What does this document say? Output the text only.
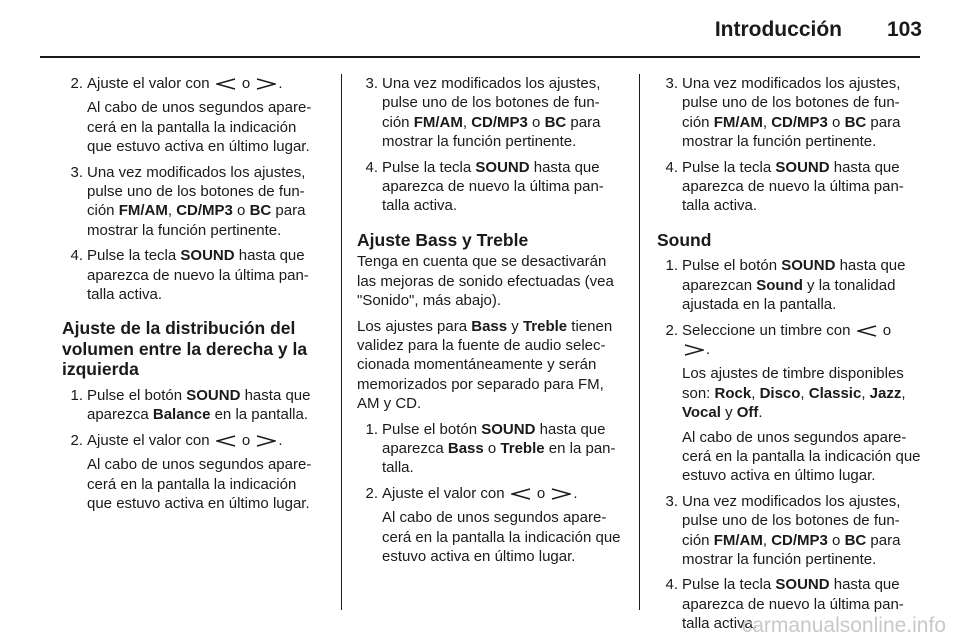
Introducción 103
2. Ajuste el valor con  o .
Al cabo de unos segundos apare-cerá en la pantalla la indicación que estuvo activa en último lugar.
3. Una vez modificados los ajustes, pulse uno de los botones de fun-ción FM/AM, CD/MP3 o BC para mostrar la función pertinente.
4. Pulse la tecla SOUND hasta que aparezca de nuevo la última pan-talla activa.
Ajuste de la distribución del volumen entre la derecha y la izquierda
1. Pulse el botón SOUND hasta que aparezca Balance en la pantalla.
2. Ajuste el valor con  o .
Al cabo de unos segundos apare-cerá en la pantalla la indicación que estuvo activa en último lugar.
3. Una vez modificados los ajustes, pulse uno de los botones de fun-ción FM/AM, CD/MP3 o BC para mostrar la función pertinente.
4. Pulse la tecla SOUND hasta que aparezca de nuevo la última pan-talla activa.
Ajuste Bass y Treble
Tenga en cuenta que se desactivarán las mejoras de sonido efectuadas (vea "Sonido", más abajo).
Los ajustes para Bass y Treble tienen validez para la fuente de audio selec-cionada momentáneamente y serán memorizados por separado para FM, AM y CD.
1. Pulse el botón SOUND hasta que aparezca Bass o Treble en la pan-talla.
2. Ajuste el valor con  o .
Al cabo de unos segundos apare-cerá en la pantalla la indicación que estuvo activa en último lugar.
3. Una vez modificados los ajustes, pulse uno de los botones de fun-ción FM/AM, CD/MP3 o BC para mostrar la función pertinente.
4. Pulse la tecla SOUND hasta que aparezca de nuevo la última pan-talla activa.
Sound
1. Pulse el botón SOUND hasta que aparezcan Sound y la tonalidad ajustada en la pantalla.
2. Seleccione un timbre con  o
.
Los ajustes de timbre disponibles son: Rock, Disco, Classic, Jazz, Vocal y Off.
Al cabo de unos segundos apare-cerá en la pantalla la indicación que estuvo activa en último lugar.
3. Una vez modificados los ajustes, pulse uno de los botones de fun-ción FM/AM, CD/MP3 o BC para mostrar la función pertinente.
4. Pulse la tecla SOUND hasta que aparezca de nuevo la última pan-talla activa.
carmanualsonline.info
